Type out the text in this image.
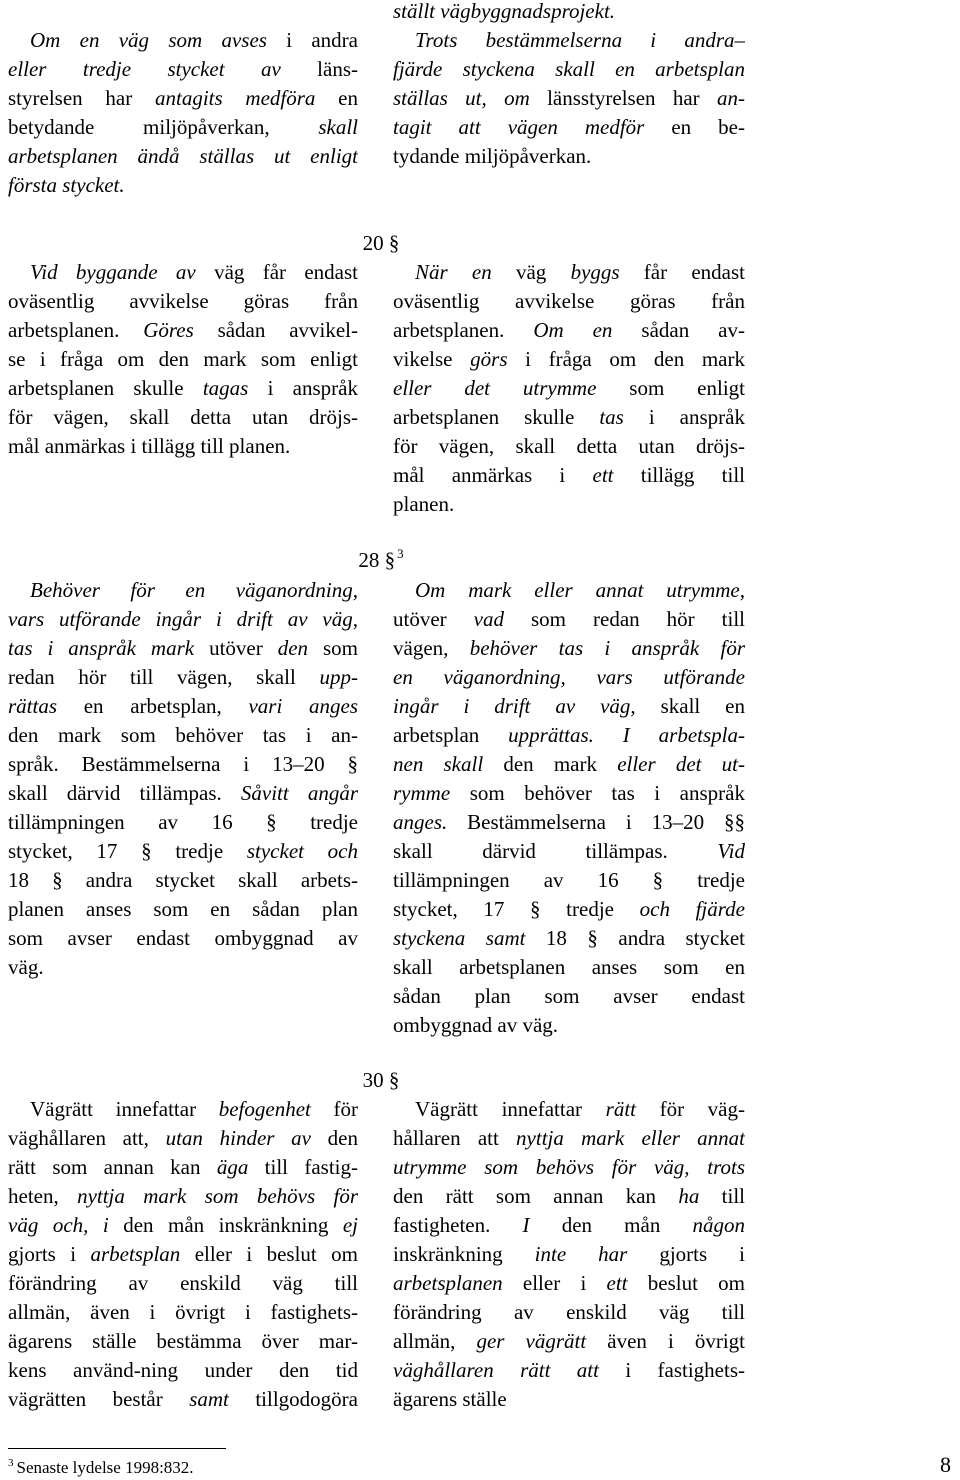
Om en väg som avses i andra
eller tredje stycket av läns-
styrelsen har antagits medföra en
betydande miljöpåverkan, skall
arbetsplanen ändå ställas ut enligt
första stycket.
ställt vägbyggnadsprojekt.
Trots bestämmelserna i andra–
fjärde styckena skall en arbetsplan
ställas ut, om länsstyrelsen har an-
tagit att vägen medför en be-
tydande miljöpåverkan.
20 §
Vid byggande av väg får endast
oväsentlig avvikelse göras från
arbetsplanen. Göres sådan avvikel-
se i fråga om den mark som enligt
arbetsplanen skulle tagas i anspråk
för vägen, skall detta utan dröjs-
mål anmärkas i tillägg till planen.
När en väg byggs får endast
oväsentlig avvikelse göras från
arbetsplanen. Om en sådan av-
vikelse görs i fråga om den mark
eller det utrymme som enligt
arbetsplanen skulle tas i anspråk
för vägen, skall detta utan dröjs-
mål anmärkas i ett tillägg till
planen.
28 § $^3$
Behöver för en väganordning,
vars utförande ingår i drift av väg,
tas i anspråk mark utöver den som
redan hör till vägen, skall upp-
rättas en arbetsplan, vari anges
den mark som behöver tas i an-
språk. Bestämmelserna i 13–20 §
skall därvid tillämpas. Såvitt angår
tillämpningen av 16 § tredje
stycket, 17 § tredje stycket och
18 § andra stycket skall arbets-
planen anses som en sådan plan
som avser endast ombyggnad av
väg.
Om mark eller annat utrymme,
utöver vad som redan hör till
vägen, behöver tas i anspråk för
en väganordning, vars utförande
ingår i drift av väg, skall en
arbetsplan upprättas. I arbetspla-
nen skall den mark eller det ut-
rymme som behöver tas i anspråk
anges. Bestämmelserna i 13–20 §§
skall därvid tillämpas. Vid
tillämpningen av 16 § tredje
stycket, 17 § tredje och fjärde
styckena samt 18 § andra stycket
skall arbetsplanen anses som en
sådan plan som avser endast
ombyggnad av väg.
30 §
Vägrätt innefattar befogenhet för
väghållaren att, utan hinder av den
rätt som annan kan äga till fastig-
heten, nyttja mark som behövs för
väg och, i den mån inskränkning ej
gjorts i arbetsplan eller i beslut om
förändring av enskild väg till
allmän, även i övrigt i fastighets-
ägarens ställe bestämma över mar-
kens använd-ning under den tid
vägrätten består samt tillgodogöra
Vägrätt innefattar rätt för väg-
hållaren att nyttja mark eller annat
utrymme som behövs för väg, trots
den rätt som annan kan ha till
fastigheten. I den mån någon
inskränkning inte har gjorts i
arbetsplanen eller i ett beslut om
förändring av enskild väg till
allmän, ger vägrätt även i övrigt
väghållaren rätt att i fastighets-
ägarens ställe
$^3$ Senaste lydelse 1998:832.	8
